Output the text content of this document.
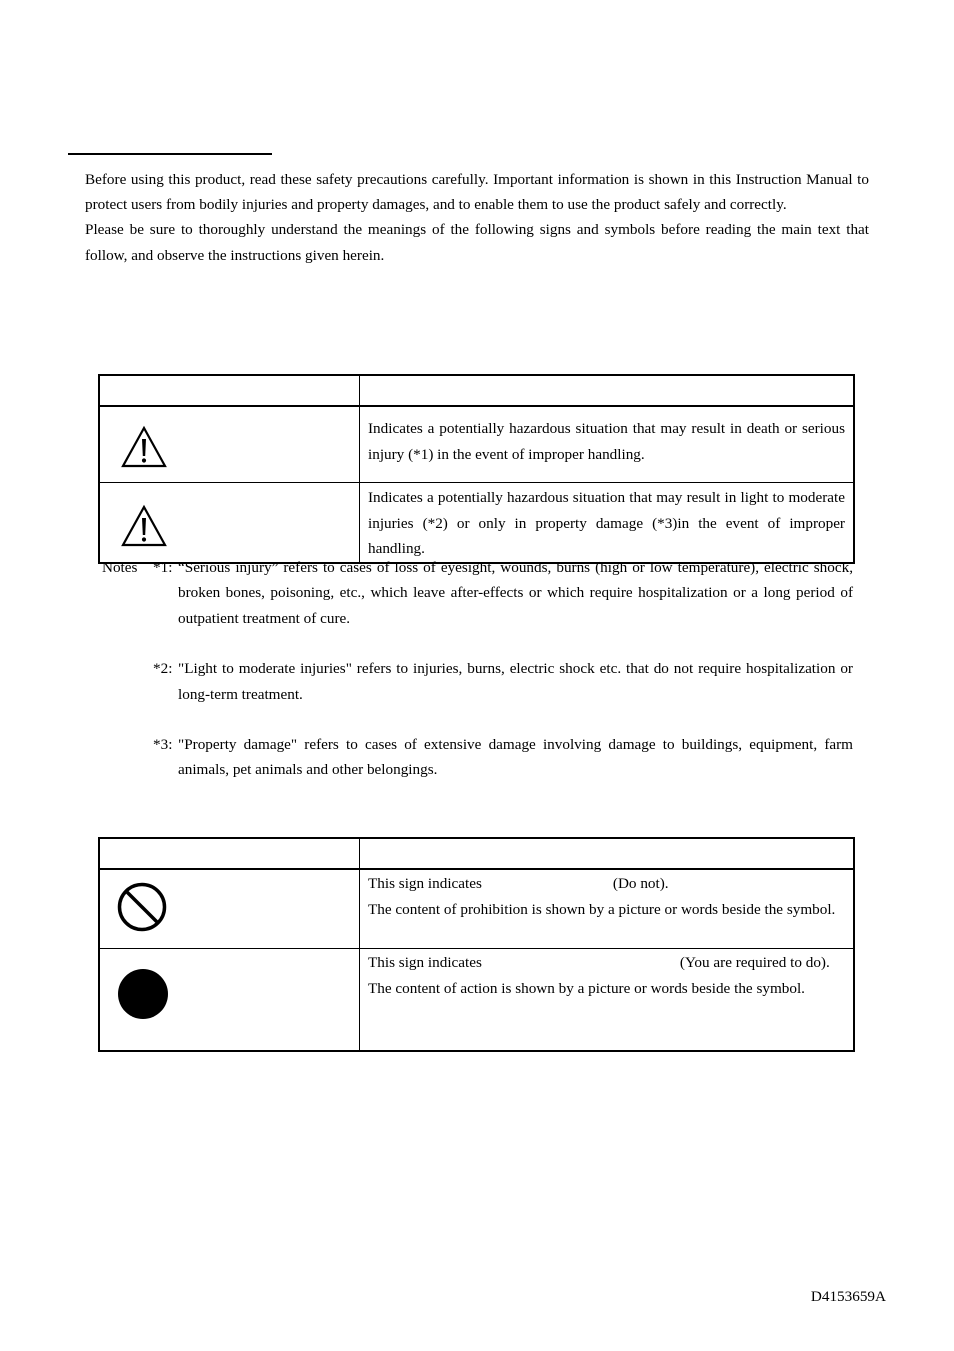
Before using this product, read these safety precautions carefully. Important information is shown in this Instruction Manual to protect users from bodily injuries and property damages, and to enable them to use the product safely and correctly.

Please be sure to thoroughly understand the meanings of the following signs and symbols before reading the main text that follow, and observe the instructions given herein.

	Indicates a potentially hazardous situation that may result in death or serious injury (*1) in the event of improper handling.

	Indicates a potentially hazardous situation that may result in light to moderate injuries (*2) or only in property damage (*3)in the event of improper handling.
Notes *1: “Serious injury” refers to cases of loss of eyesight, wounds, burns (high or low temperature), electric shock, broken bones, poisoning, etc., which leave after-effects or which require hospitalization or a long period of outpatient treatment of cure.
*2: "Light to moderate injuries" refers to injuries, burns, electric shock etc. that do not require hospitalization or long-term treatment.
*3: "Property damage" refers to cases of extensive damage involving damage to buildings, equipment, farm animals, pet animals and other belongings.

This sign indicates (Do not).
The content of prohibition is shown by a picture or words beside the symbol.

This sign indicates (You are required to do).
The content of action is shown by a picture or words beside the symbol.
D4153659A
